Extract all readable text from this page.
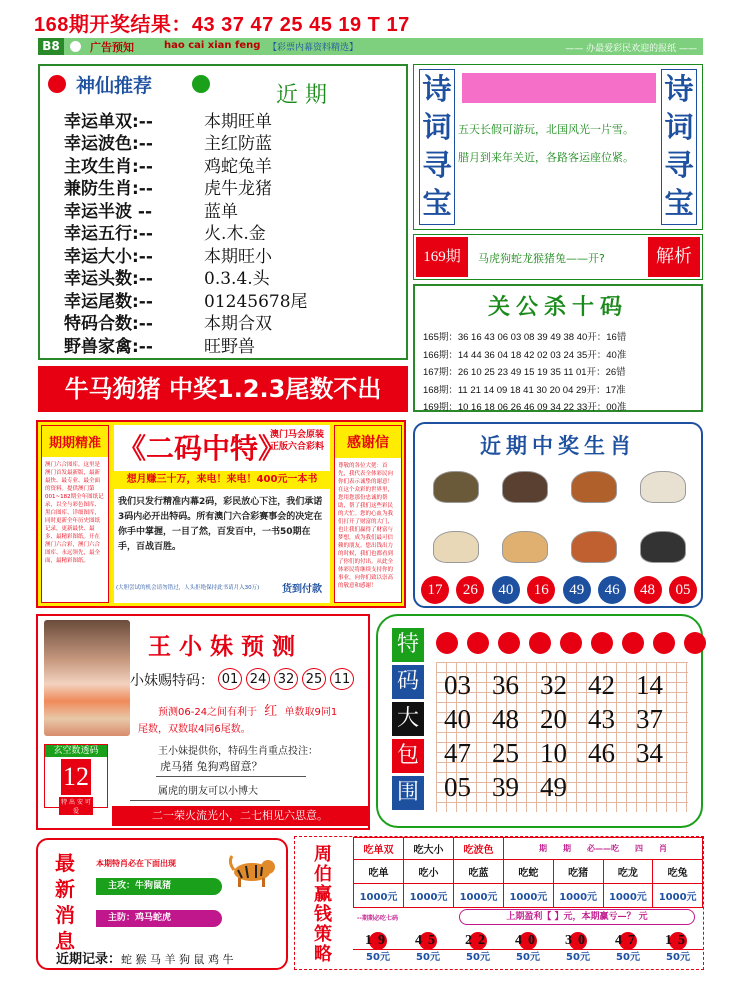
168期开奖结果：43 37 47 25 45 19 T 17
B8	广告预知	hao cai xian feng 【彩票内幕资料精选】	—— 办最爱彩民欢迎的报纸 ——
神仙推荐	近 期
幸运单双:--	本期旺单
幸运波色:--	主红防蓝
主攻生肖:--	鸡蛇兔羊
兼防生肖:--	虎牛龙猪
幸运半波 --	蓝单
幸运五行:--	火.木.金
幸运大小:--	本期旺小
幸运头数:--	0.3.4.头
幸运尾数:--	01245678尾
特码合数:--	本期合双
野兽家禽:--	旺野兽
牛马狗猪 中奖1.2.3尾数不出
诗
词
寻
宝
诗
词
寻
宝
五天长假可游玩，北国风光一片雪。
腊月到来年关近，各路客运座位紧。
169期	马虎狗蛇龙猴猪兔——开?	解析
关公杀十码
165期：36 16 43 06 03 08 39 49 38 40开：16错
166期：14 44 36 04 18 42 02 03 24 35开：40准
167期：26 10 25 23 49 15 19 35 11 01开：26错
168期：11 21 14 09 18 41 30 20 04 29开：17准
169期：10 16 18 06 26 46 09 34 22 33开：00准
期期精准
澳门六合图库，这里是澳门首发最新版，最新最快、最专业、最全面的资料。提供澳门第001~182期全年图纸记录，以全与彩色图库、黑白图库、详细图库，同时更新全年历史图纸记录，更新最快、最多、最精彩图纸。开在澳门六合彩，澳门六合图库、永远领先，最全面，最精彩图纸。
《二码中特》
澳门马会原装正版六合彩料
想月赚三十万，来电！来电！400元一本书
我们只发行精准内幕2码，彩民放心下注，我们承诺3码内必开出特码。所有澳门六合彩赛事会的决定在你手中掌握，一目了然，百发百中，一书50期在手，百战百胜。
(大胆尝试的机会请勿错过，人头拒绝保持此书请月入30万) 货到付款
感谢信
尊敬的各位大佬：首先，我代表全体彩民向你们表示诚挚的谢意！在这个众彩的世界里，您用您那份忠诚的帮助，帮了我们这些彩民的大忙。您的心血为我们打开了财富的大门，也让我们赢得了财富与梦想，成为我们最可信赖的朋友。您出钱出力的时候，我们也都看到了你们的付出。从此全体彩民将继续支持你的事业，向你们致以崇高的敬意和感谢！
近期中奖生肖
17	26	40	16	49	46	48	05
王小妹预测
小妹赐特码： 01 24 32 25 11
预测06-24之间有利于 红 单数取9同1
尾数，双数取4同6尾数。
王小妹提供你，特码生肖重点投注：
虎马猪 兔狗鸡留意？
属虎的朋友可以小博大
玄空数透码
12
特 出 安 可 爱	二一荣火流光小，二七相见六思意。
特
码
大
包
围
03 36 32 42 14
40 48 20 43 37
47 25 10 46 34
05 39 49
最
新
消
息
本期特肖必在下面出现
主攻：牛狗鼠猪
主防：鸡马蛇虎
近期记录：蛇 猴 马 羊 狗 鼠 鸡 牛
周
伯
赢
钱
策
略
吃单双	吃大小	吃波色	期　　期　　必——吃　　四　　肖			
吃单	吃小	吃蓝	吃蛇	吃猪	吃龙	吃兔
1000元	1000元	1000元	1000元	1000元	1000元	1000元
--期期必吃七码	上期盈利【 】元，本期赢亏—？ 元
19	45	22	40	30	47	15
50元	50元	50元	50元	50元	50元	50元
